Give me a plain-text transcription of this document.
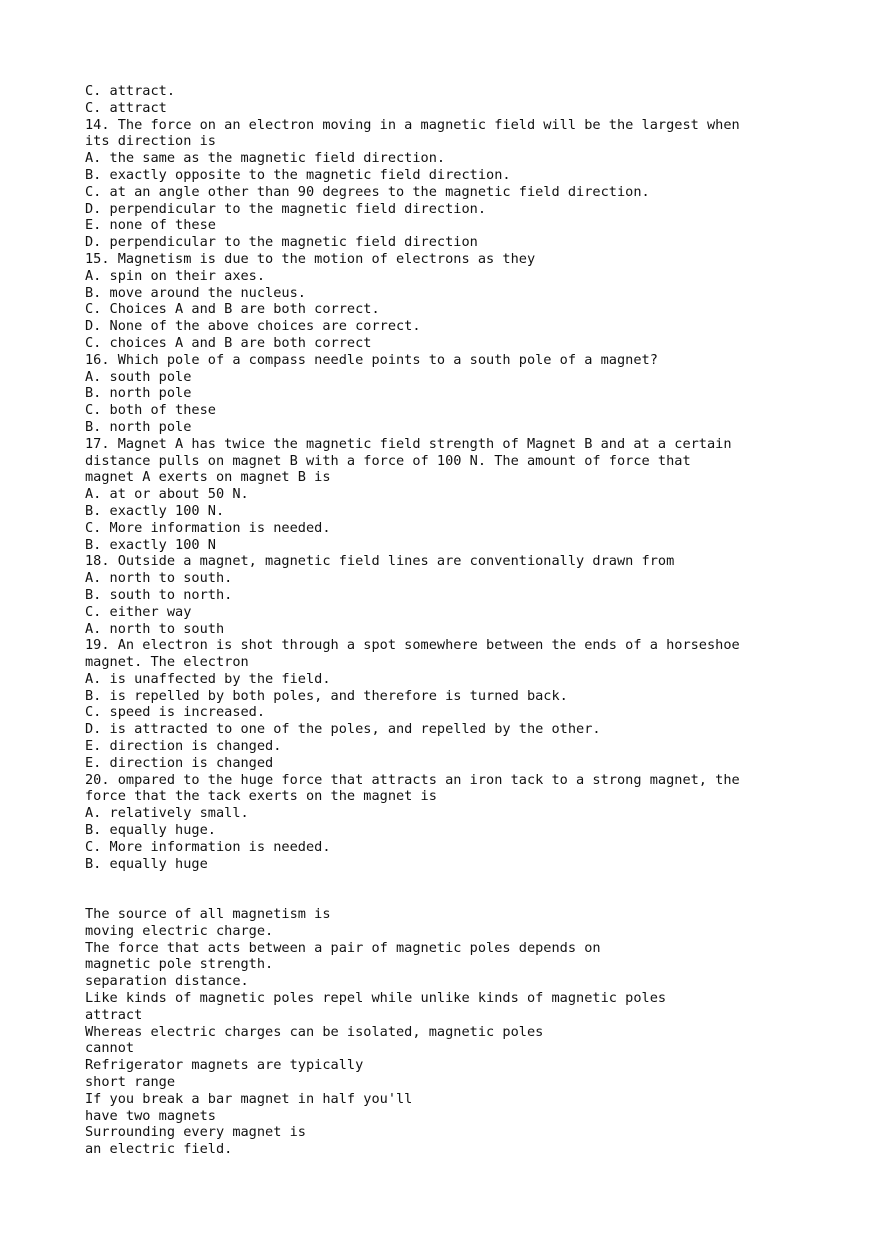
C. attract.
C. attract
14. The force on an electron moving in a magnetic field will be the largest when
its direction is
A. the same as the magnetic field direction.
B. exactly opposite to the magnetic field direction.
C. at an angle other than 90 degrees to the magnetic field direction.
D. perpendicular to the magnetic field direction.
E. none of these
D. perpendicular to the magnetic field direction
15. Magnetism is due to the motion of electrons as they
A. spin on their axes.
B. move around the nucleus.
C. Choices A and B are both correct.
D. None of the above choices are correct.
C. choices A and B are both correct
16. Which pole of a compass needle points to a south pole of a magnet?
A. south pole
B. north pole
C. both of these
B. north pole
17. Magnet A has twice the magnetic field strength of Magnet B and at a certain
distance pulls on magnet B with a force of 100 N. The amount of force that
magnet A exerts on magnet B is
A. at or about 50 N.
B. exactly 100 N.
C. More information is needed.
B. exactly 100 N
18. Outside a magnet, magnetic field lines are conventionally drawn from
A. north to south.
B. south to north.
C. either way
A. north to south
19. An electron is shot through a spot somewhere between the ends of a horseshoe
magnet. The electron
A. is unaffected by the field.
B. is repelled by both poles, and therefore is turned back.
C. speed is increased.
D. is attracted to one of the poles, and repelled by the other.
E. direction is changed.
E. direction is changed
20. ompared to the huge force that attracts an iron tack to a strong magnet, the
force that the tack exerts on the magnet is
A. relatively small.
B. equally huge.
C. More information is needed.
B. equally huge
The source of all magnetism is
moving electric charge.
The force that acts between a pair of magnetic poles depends on
magnetic pole strength.
separation distance.
Like kinds of magnetic poles repel while unlike kinds of magnetic poles
attract
Whereas electric charges can be isolated, magnetic poles
cannot
Refrigerator magnets are typically
short range
If you break a bar magnet in half you'll
have two magnets
Surrounding every magnet is
an electric field.
